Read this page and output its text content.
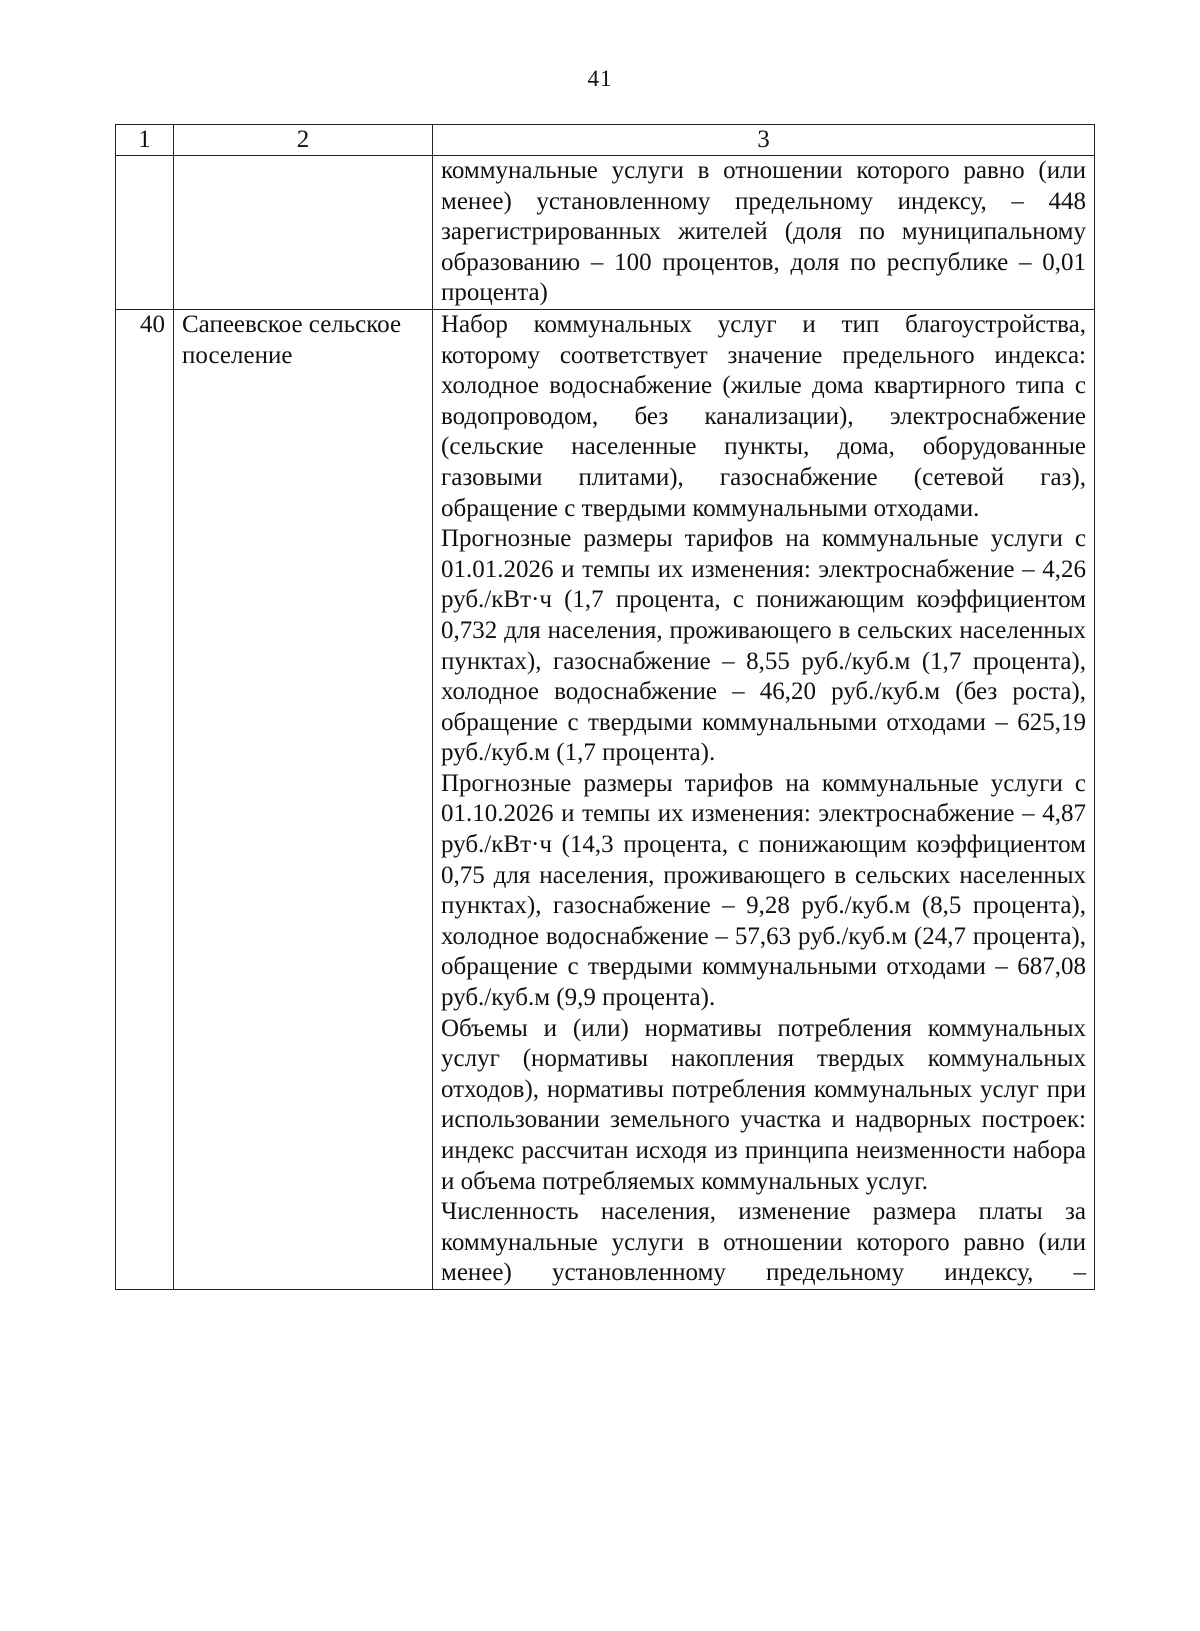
41
1	2	3

		коммунальные услуги в отношении которого равно (или менее) установленному предельному индексу, – 448 зарегистрированных жителей (доля по муниципальному образованию – 100 процентов, доля по республике – 0,01 процента)

40	Сапеевское сельское поселение	Набор коммунальных услуг и тип благоустройства, которому соответствует значение предельного индекса: холодное водоснабжение (жилые дома квартирного типа с водопроводом, без канализации), электроснабжение (сельские населенные пункты, дома, оборудованные газовыми плитами), газоснабжение (сетевой газ), обращение с твердыми коммунальными отходами.

Прогнозные размеры тарифов на коммунальные услуги с 01.01.2026 и темпы их изменения: электроснабжение – 4,26 руб./кВт·ч (1,7 процента, с понижающим коэффициентом 0,732 для населения, проживающего в сельских населенных пунктах), газоснабжение – 8,55 руб./куб.м (1,7 процента), холодное водоснабжение – 46,20 руб./куб.м (без роста), обращение с твердыми коммунальными отходами – 625,19 руб./куб.м (1,7 процента).

Прогнозные размеры тарифов на коммунальные услуги с 01.10.2026 и темпы их изменения: электроснабжение – 4,87 руб./кВт·ч (14,3 процента, с понижающим коэффициентом 0,75 для населения, проживающего в сельских населенных пунктах), газоснабжение – 9,28 руб./куб.м (8,5 процента), холодное водоснабжение – 57,63 руб./куб.м (24,7 процента), обращение с твердыми коммунальными отходами – 687,08 руб./куб.м (9,9 процента).

Объемы и (или) нормативы потребления коммунальных услуг (нормативы накопления твердых коммунальных отходов), нормативы потребления коммунальных услуг при использовании земельного участка и надворных построек: индекс рассчитан исходя из принципа неизменности набора и объема потребляемых коммунальных услуг.

Численность населения, изменение размера платы за коммунальные услуги в отношении которого равно (или менее) установленному предельному индексу, –
